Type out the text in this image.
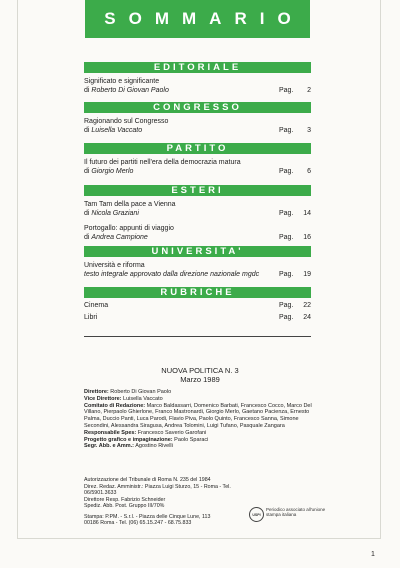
SOMMARIO
EDITORIALE
Significato e significante
di Roberto Di Giovan Paolo	Pag. 2
CONGRESSO
Ragionando sul Congresso
di Luisella Vaccato	Pag. 3
PARTITO
Il futuro dei partiti nell'era della democrazia matura
di Giorgio Merlo	Pag. 6
ESTERI
Tam Tam della pace a Vienna
di Nicola Graziani	Pag. 14
Portogallo: appunti di viaggio
di Andrea Campione	Pag. 16
UNIVERSITA'
Università e riforma
testo integrale approvato dalla direzione nazionale mgdc	Pag. 19
RUBRICHE
Cinema	Pag. 22
Libri	Pag. 24
NUOVA POLITICA N. 3
Marzo 1989

Direttore: Roberto Di Giovan Paolo

Vice Direttore: Luisella Vaccato

Comitato di Redazione: Marco Baldassarri, Domenico Barbati, Francesco Cocco, Marco Del Villano, Pierpaolo Ghierlone, Franco Mastronardi, Giorgio Merlo, Gaetano Pacienza, Ernesto Palma, Duccio Panti, Luca Parodi, Flavio Piva, Paolo Quinto, Francesco Sanna, Simone Secondini, Alessandra Siragusa, Andrea Tolomini, Luigi Tufano, Pasquale Zangara

Responsabile Spes: Francesco Saverio Garofani

Progetto grafico e impaginazione: Paolo Sparaci

Segr. Abb. e Amm.: Agostino Rivelli

Autorizzazione del Tribunale di Roma N. 235 del 1984

Direz. Redaz. Amministr.: Piazza Luigi Sturzo, 15 - Roma - Tel. 06/5901.3633

Direttore Resp. Fabrizio Schneider

Spediz. Abb. Post. Gruppo III/70%

Stampa: P.PM. - S.r.l. - Piazza delle Cinque Lune, 113

00186 Roma - Tel. (06) 65.15.247 - 68.75.833

USPI
Periodico associato all'unione stampa italiana
1
